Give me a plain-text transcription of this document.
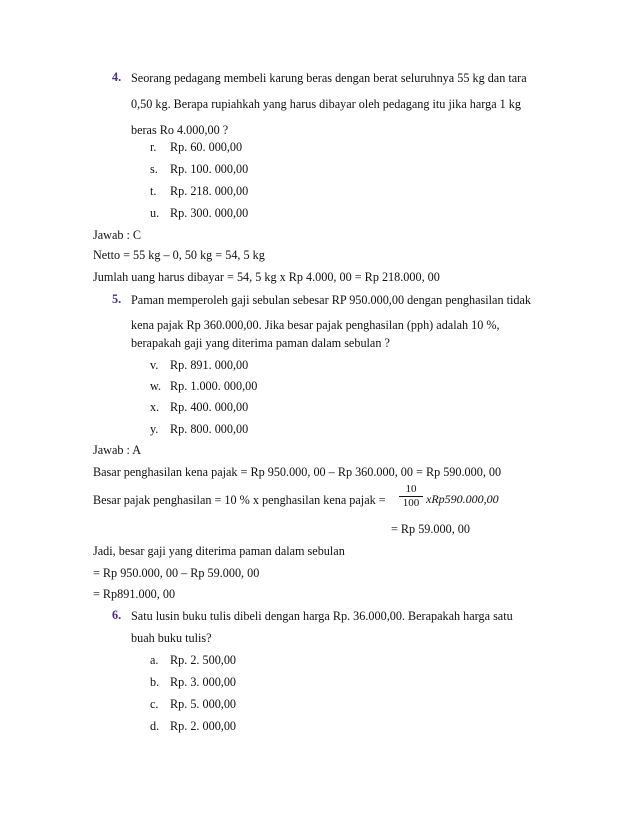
4. Seorang pedagang membeli karung beras dengan berat seluruhnya 55 kg dan tara
0,50 kg. Berapa rupiahkah yang harus dibayar oleh pedagang itu jika harga 1 kg
beras Ro 4.000,00 ?
r. Rp. 60. 000,00
s. Rp. 100. 000,00
t. Rp. 218. 000,00
u. Rp. 300. 000,00
Jawab : C
Netto = 55 kg – 0, 50 kg = 54, 5 kg
Jumlah uang harus dibayar = 54, 5 kg x Rp 4.000, 00 = Rp 218.000, 00
5. Paman memperoleh gaji sebulan sebesar RP 950.000,00 dengan penghasilan tidak
kena pajak Rp 360.000,00. Jika besar pajak penghasilan (pph) adalah 10 %,
berapakah gaji yang diterima paman dalam sebulan ?
v. Rp. 891. 000,00
w. Rp. 1.000. 000,00
x. Rp. 400. 000,00
y. Rp. 800. 000,00
Jawab : A
Basar penghasilan kena pajak = Rp 950.000, 00 – Rp 360.000, 00 = Rp 590.000, 00
Besar pajak penghasilan = 10 % x penghasilan kena pajak = $\frac{10}{100} xRp590.000,00$
= Rp 59.000, 00
Jadi, besar gaji yang diterima paman dalam sebulan
= Rp 950.000, 00 – Rp 59.000, 00
= Rp891.000, 00
6. Satu lusin buku tulis dibeli dengan harga Rp. 36.000,00. Berapakah harga satu
buah buku tulis?
a. Rp. 2. 500,00
b. Rp. 3. 000,00
c. Rp. 5. 000,00
d. Rp. 2. 000,00
